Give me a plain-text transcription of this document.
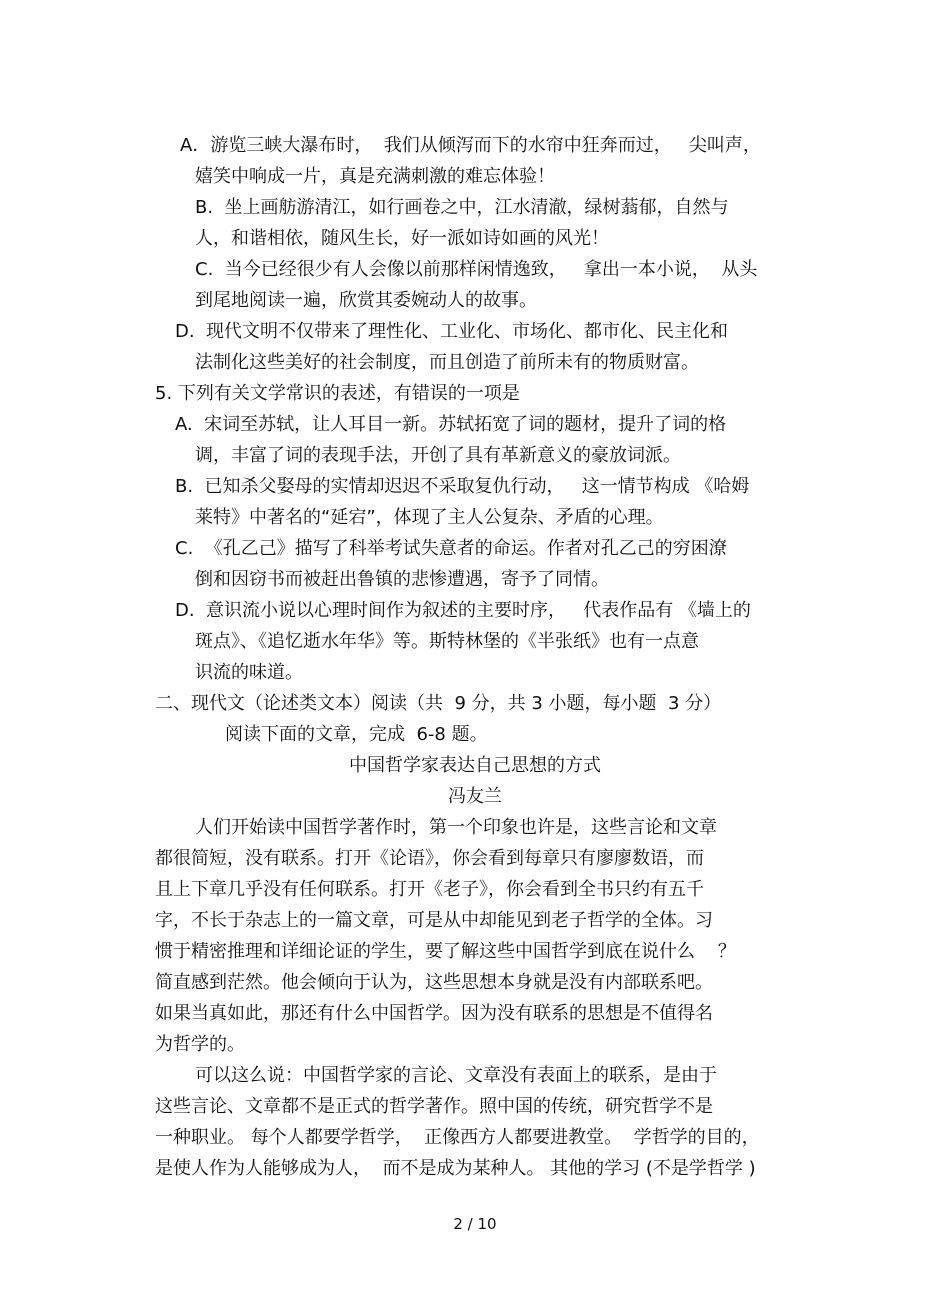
A．游览三峡大瀑布时，  我们从倾泻而下的水帘中狂奔而过，   尖叫声，
嬉笑中响成一片，真是充满刺激的难忘体验！
B.  坐上画舫游清江，如行画卷之中，江水清澈，绿树蓊郁，自然与
人，和谐相依，随风生长，好一派如诗如画的风光！
C.  当今已经很少有人会像以前那样闲情逸致，   拿出一本小说，  从头
到尾地阅读一遍，欣赏其委婉动人的故事。
D.  现代文明不仅带来了理性化、工业化、市场化、都市化、民主化和
法制化这些美好的社会制度，而且创造了前所未有的物质财富。
5. 下列有关文学常识的表述，有错误的一项是
A.  宋词至苏轼，让人耳目一新。苏轼拓宽了词的题材，提升了词的格
调，丰富了词的表现手法，开创了具有革新意义的豪放词派。
B.  已知杀父娶母的实情却迟迟不采取复仇行动，   这一情节构成 《哈姆
莱特》中著名的“延宕”，体现了主人公复杂、矛盾的心理。
C.  《孔乙己》描写了科举考试失意者的命运。作者对孔乙己的穷困潦
倒和因窃书而被赶出鲁镇的悲惨遭遇，寄予了同情。
D.  意识流小说以心理时间作为叙述的主要时序，   代表作品有 《墙上的
斑点》、《追忆逝水年华》等。斯特林堡的《半张纸》也有一点意
识流的味道。
二、现代文（论述类文本）阅读（共  9 分，共 3 小题，每小题  3 分）
阅读下面的文章，完成  6-8 题。
中国哲学家表达自己思想的方式
冯友兰
人们开始读中国哲学著作时，第一个印象也许是，这些言论和文章
都很简短，没有联系。打开《论语》，你会看到每章只有廖廖数语，而
且上下章几乎没有任何联系。打开《老子》，你会看到全书只约有五千
字，不长于杂志上的一篇文章，可是从中却能见到老子哲学的全体。习
惯于精密推理和详细论证的学生，要了解这些中国哲学到底在说什么    ？
简直感到茫然。他会倾向于认为，这些思想本身就是没有内部联系吧。
如果当真如此，那还有什么中国哲学。因为没有联系的思想是不值得名
为哲学的。
可以这么说：中国哲学家的言论、文章没有表面上的联系，是由于
这些言论、文章都不是正式的哲学著作。照中国的传统，研究哲学不是
一种职业。 每个人都要学哲学，  正像西方人都要进教堂。  学哲学的目的，
是使人作为人能够成为人，  而不是成为某种人。 其他的学习 (不是学哲学 )
2 / 10
